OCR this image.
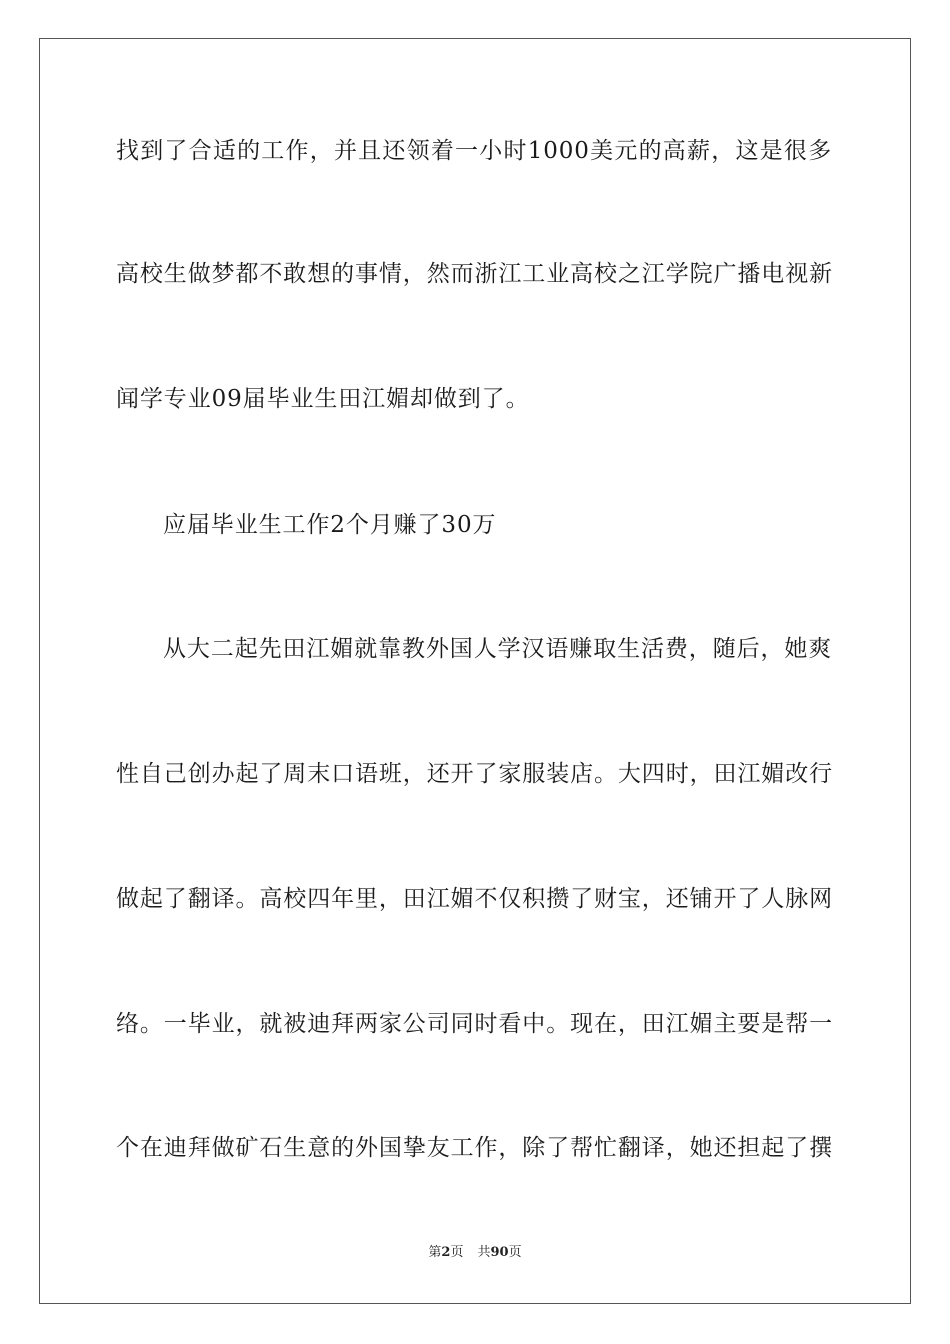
找到了合适的工作，并且还领着一小时1000美元的高薪，这是很多
高校生做梦都不敢想的事情，然而浙江工业高校之江学院广播电视新
闻学专业09届毕业生田江媚却做到了。
应届毕业生工作2个月赚了30万
从大二起先田江媚就靠教外国人学汉语赚取生活费，随后，她爽
性自己创办起了周末口语班，还开了家服装店。大四时，田江媚改行
做起了翻译。高校四年里，田江媚不仅积攒了财宝，还铺开了人脉网
络。一毕业，就被迪拜两家公司同时看中。现在，田江媚主要是帮一
个在迪拜做矿石生意的外国挚友工作，除了帮忙翻译，她还担起了撰
第2页 共90页
